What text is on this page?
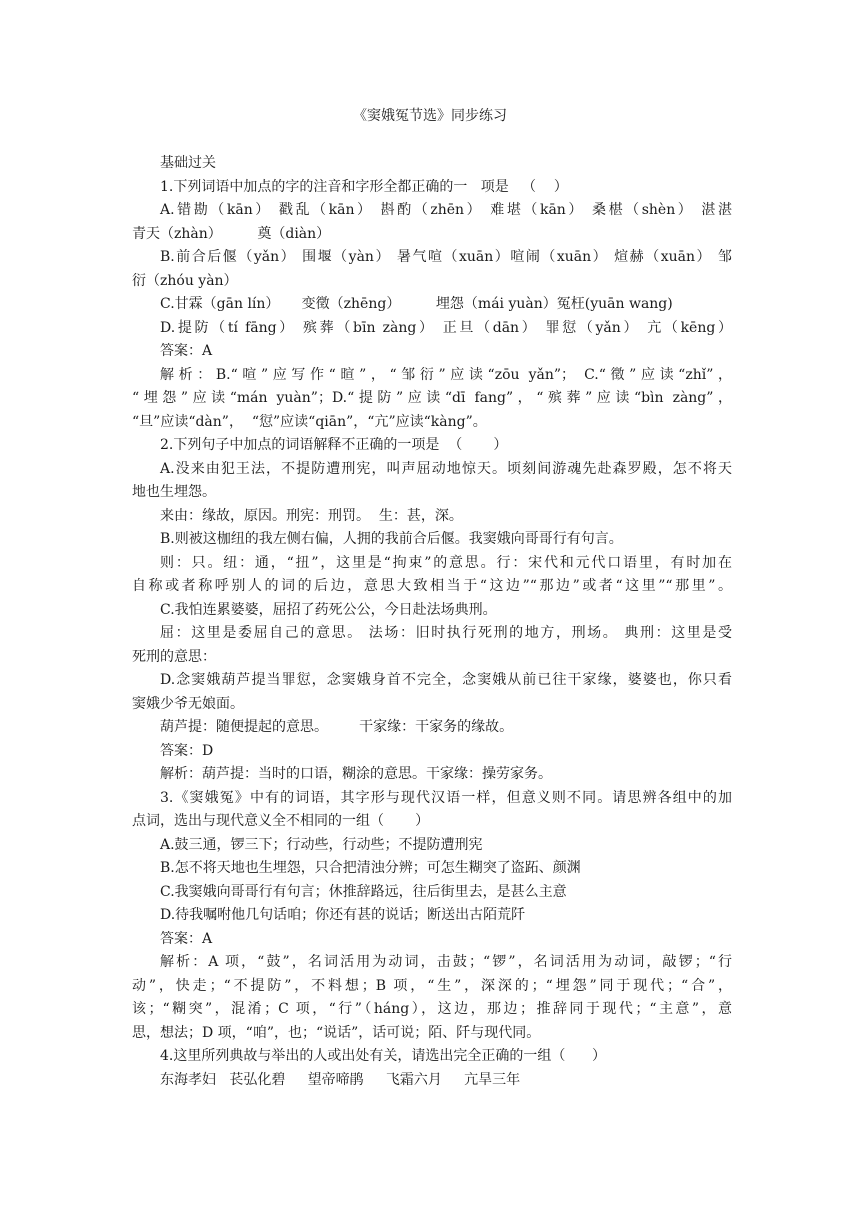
《窦娥冤节选》同步练习

基础过关

1.下列词语中加点的字的注音和字形全都正确的一   项是   （    ）

A.错勘（kān） 戳乱（kān） 斟酌（zhēn） 难堪（kān） 桑椹（shèn） 湛湛

青天（zhàn）        奠（diàn）

B.前合后偃（yǎn） 围堰（yàn） 暑气喧（xuān）喧闹（xuān） 煊赫（xuān） 邹

衍（zhóu yàn）

C.甘霖（gān lín）     变徵（zhēng）        埋怨（mái yuàn）冤枉(yuān wang)

D.提防（tí fāng） 殡葬（bīn zàng） 正旦（dān） 罪愆（yǎn） 亢（kēng）

答案：A

解析：B.“喧”应写作“暄”，“邹衍”应读“zōu yǎn”； C.“徵”应读“zhǐ”，

“埋怨”应读“mán yuàn”；D.“提防”应读“dī fang”，“殡葬”应读“bìn zàng”，

“旦”应读“dàn”，  “愆”应读“qiān”，“亢”应读“kàng”。

2.下列句子中加点的词语解释不正确的一项是  （       ）

A.没来由犯王法，不提防遭刑宪，叫声屈动地惊天。顷刻间游魂先赴森罗殿，怎不将天

地也生埋怨。

来由：缘故，原因。刑宪：刑罚。  生：甚，深。

B.则被这枷纽的我左侧右偏，人拥的我前合后偃。我窦娥向哥哥行有句言。

则：只。纽：通，“扭”，这里是“拘束”的意思。行：宋代和元代口语里，有时加在

自称或者称呼别人的词的后边，意思大致相当于“这边”“那边”或者“这里”“那里”。

C.我怕连累婆婆，屈招了药死公公，今日赴法场典刑。

屈：这里是委屈自己的意思。 法场：旧时执行死刑的地方，刑场。 典刑：这里是受

死刑的意思：

D.念窦娥葫芦提当罪愆，念窦娥身首不完全，念窦娥从前已往干家缘，婆婆也，你只看

窦娥少爷无娘面。

葫芦提：随便提起的意思。       干家缘：干家务的缘故。

答案：D

解析：葫芦提：当时的口语，糊涂的意思。干家缘：操劳家务。

3.《窦娥冤》中有的词语，其字形与现代汉语一样，但意义则不同。请思辨各组中的加

点词，选出与现代意义全不相同的一组（       ）

A.鼓三通，锣三下；行动些，行动些；不提防遭刑宪

B.怎不将天地也生埋怨，只合把清浊分辨；可怎生糊突了盗跖、颜渊

C.我窦娥向哥哥行有句言；休推辞路远，往后街里去，是甚么主意

D.待我嘱咐他几句话咱；你还有甚的说话；断送出古陌荒阡

答案：A

解析：A 项，“鼓”，名词活用为动词，击鼓；“锣”，名词活用为动词，敲锣；“行

动”，快走；“不提防”，不料想；B 项，“生”，深深的；“埋怨”同于现代；“合”，

该；“糊突”，混淆；C 项，“行”（háng），这边，那边；推辞同于现代；“主意”，意

思，想法；D 项，“咱”，也；“说话”，话可说；陌、阡与现代同。

4.这里所列典故与举出的人或出处有关，请选出完全正确的一组（      ）

东海孝妇   苌弘化碧     望帝啼鹃     飞霜六月     亢旱三年
